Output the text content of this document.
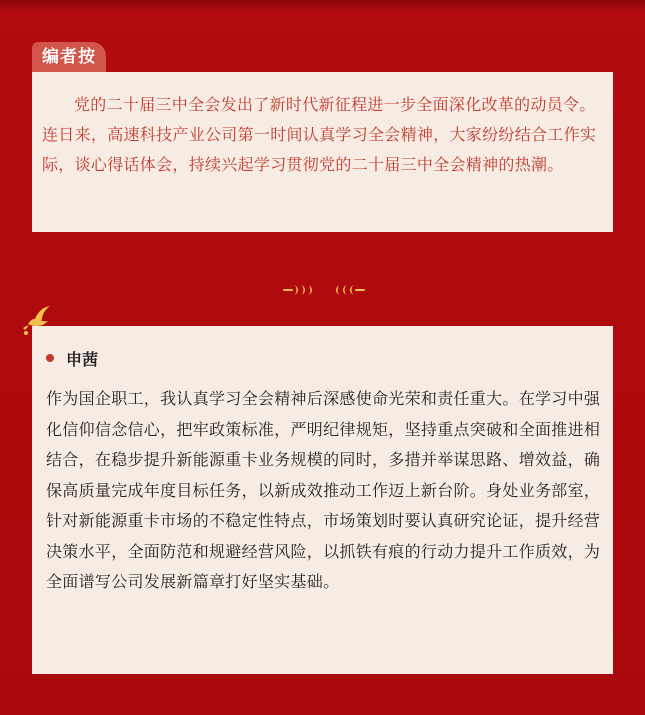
编者按

党的二十届三中全会发出了新时代新征程进一步全面深化改革的动员令。连日来，高速科技产业公司第一时间认真学习全会精神，大家纷纷结合工作实际，谈心得话体会，持续兴起学习贯彻党的二十届三中全会精神的热潮。

申茜

作为国企职工，我认真学习全会精神后深感使命光荣和责任重大。在学习中强化信仰信念信心，把牢政策标准，严明纪律规矩，坚持重点突破和全面推进相结合，在稳步提升新能源重卡业务规模的同时，多措并举谋思路、增效益，确保高质量完成年度目标任务，以新成效推动工作迈上新台阶。身处业务部室，针对新能源重卡市场的不稳定性特点，市场策划时要认真研究论证，提升经营决策水平，全面防范和规避经营风险，以抓铁有痕的行动力提升工作质效，为全面谱写公司发展新篇章打好坚实基础。
